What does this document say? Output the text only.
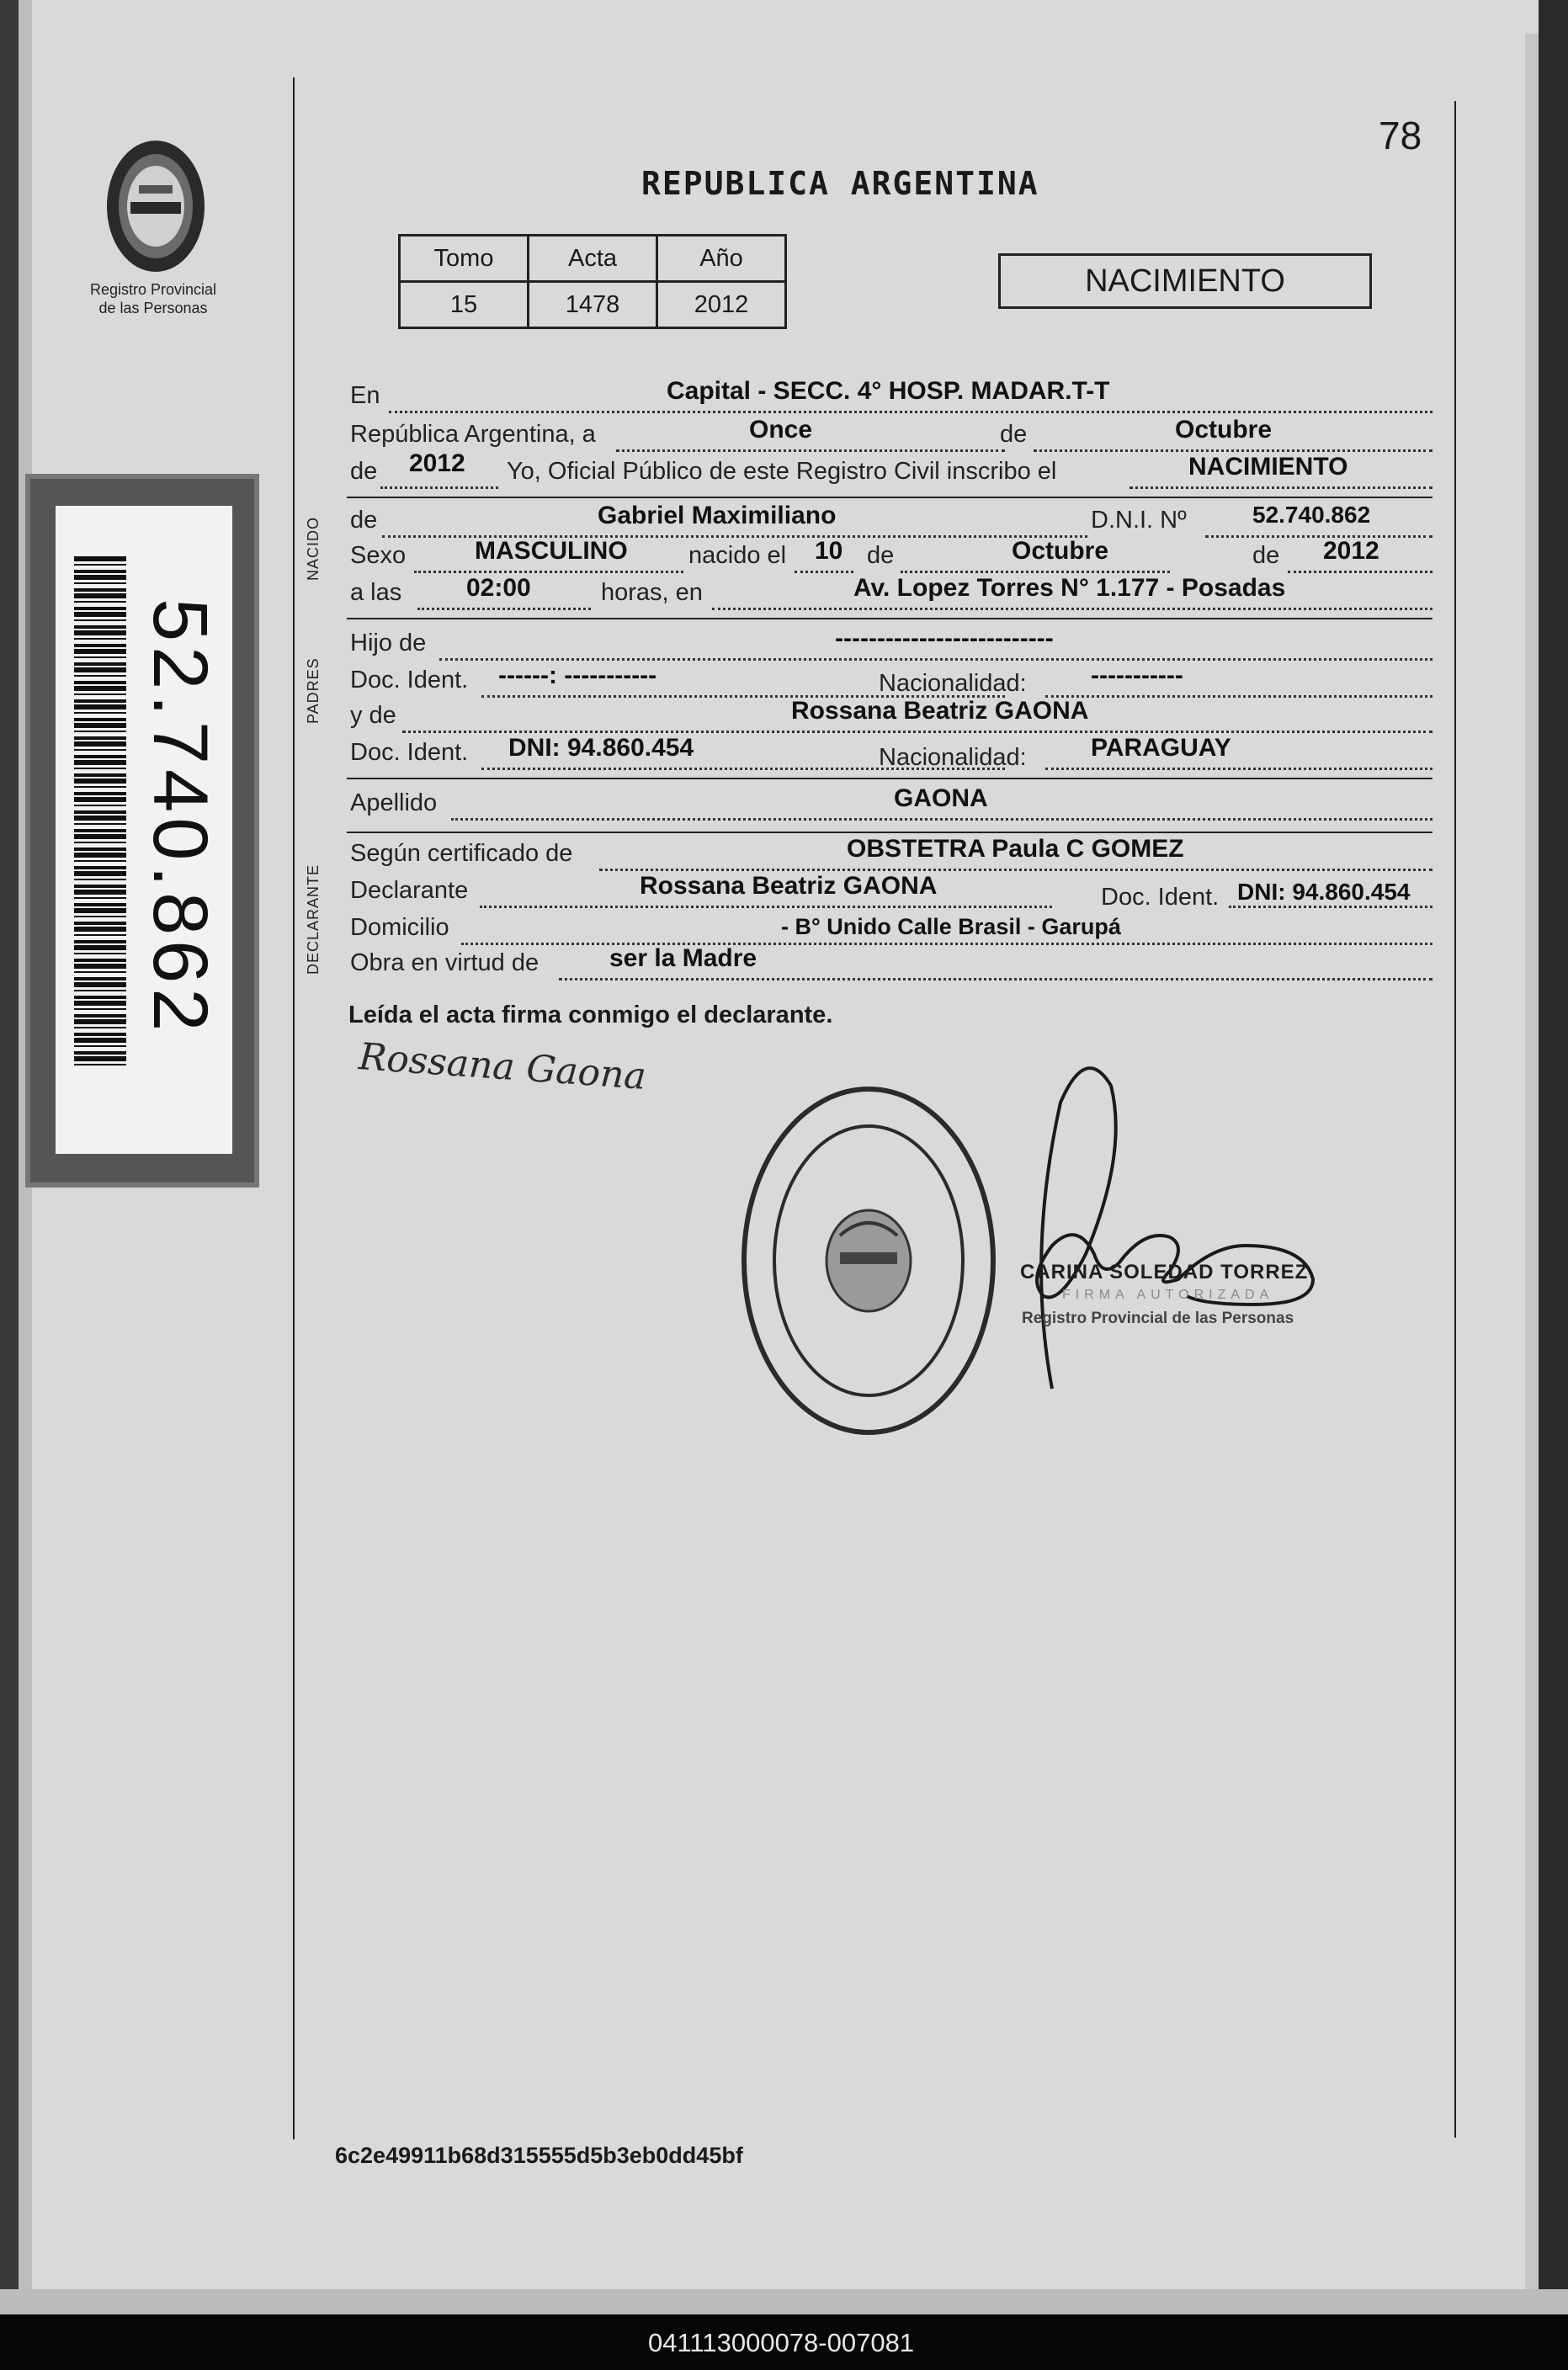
Registro Provincial
de las Personas
52.740.862
78
REPUBLICA ARGENTINA
Tomo	Acta	Año
15	1478	2012
NACIMIENTO
En	Capital - SECC. 4° HOSP. MADAR.T-T
República Argentina, a	Once	de	Octubre
de 2012 Yo, Oficial Público de este Registro Civil inscribo el	NACIMIENTO
NACIDO de	Gabriel Maximiliano	D.N.I. Nº	52.740.862
Sexo	MASCULINO nacido el 10 de	Octubre	de 2012
a las	02:00	horas, en	Av. Lopez Torres N° 1.177 - Posadas
PADRES
Hijo de	--------------------------
Doc. Ident. ------: -----------	Nacionalidad:	-----------
y de	Rossana Beatriz GAONA
Doc. Ident. DNI: 94.860.454	Nacionalidad:	PARAGUAY
Apellido	GAONA
DECLARANTE
Según certificado de	OBSTETRA Paula C GOMEZ
Declarante	Rossana Beatriz GAONA	Doc. Ident. DNI: 94.860.454
Domicilio	- B° Unido Calle Brasil - Garupá
Obra en virtud de	ser la Madre
Leída el acta firma conmigo el declarante.
Rossana Gaona
CARINA SOLEDAD TORREZ
FIRMA AUTORIZADA
Registro Provincial de las Personas
6c2e49911b68d315555d5b3eb0dd45bf
041113000078-007081
